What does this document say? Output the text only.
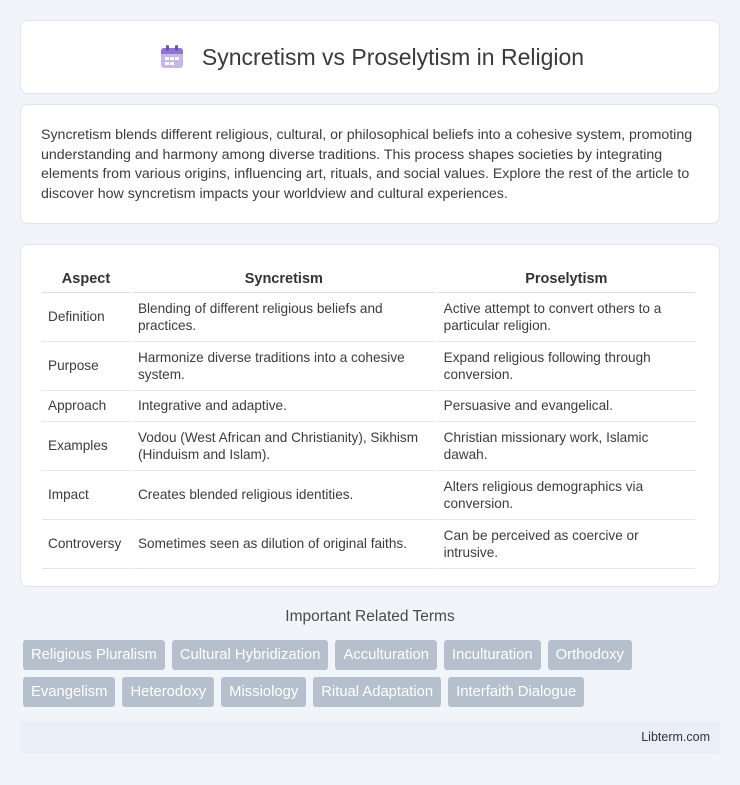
Syncretism vs Proselytism in Religion

Syncretism blends different religious, cultural, or philosophical beliefs into a cohesive system, promoting understanding and harmony among diverse traditions. This process shapes societies by integrating elements from various origins, influencing art, rituals, and social values. Explore the rest of the article to discover how syncretism impacts your worldview and cultural experiences.

Aspect	Syncretism	Proselytism
Definition	Blending of different religious beliefs and practices.	Active attempt to convert others to a particular religion.
Purpose	Harmonize diverse traditions into a cohesive system.	Expand religious following through conversion.
Approach	Integrative and adaptive.	Persuasive and evangelical.
Examples	Vodou (West African and Christianity), Sikhism (Hinduism and Islam).	Christian missionary work, Islamic dawah.
Impact	Creates blended religious identities.	Alters religious demographics via conversion.
Controversy	Sometimes seen as dilution of original faiths.	Can be perceived as coercive or intrusive.
Important Related Terms
Religious Pluralism	Cultural Hybridization	Acculturation	Inculturation	Orthodoxy
Evangelism	Heterodoxy	Missiology	Ritual Adaptation	Interfaith Dialogue
Libterm.com
